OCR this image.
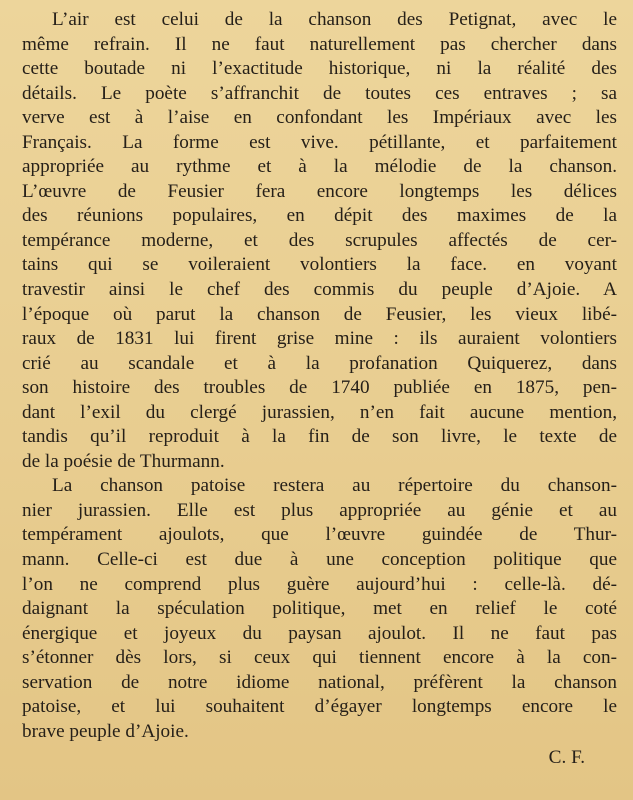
L’air est celui de la chanson des Petignat, avec le
même refrain. Il ne faut naturellement pas chercher dans
cette boutade ni l’exactitude historique, ni la réalité des
détails. Le poète s’affranchit de toutes ces entraves ; sa
verve est à l’aise en confondant les Impériaux avec les
Français. La forme est vive. pétillante, et parfaitement
appropriée au rythme et à la mélodie de la chanson.
L’œuvre de Feusier fera encore longtemps les délices
des réunions populaires, en dépit des maximes de la
tempérance moderne, et des scrupules affectés de cer-
tains qui se voileraient volontiers la face. en voyant
travestir ainsi le chef des commis du peuple d’Ajoie. A
l’époque où parut la chanson de Feusier, les vieux libé-
raux de 1831 lui firent grise mine : ils auraient volontiers
crié au scandale et à la profanation Quiquerez, dans
son histoire des troubles de 1740 publiée en 1875, pen-
dant l’exil du clergé jurassien, n’en fait aucune mention,
tandis qu’il reproduit à la fin de son livre, le texte de
de la poésie de Thurmann.
La chanson patoise restera au répertoire du chanson-
nier jurassien. Elle est plus appropriée au génie et au
tempérament ajoulots, que l’œuvre guindée de Thur-
mann. Celle-ci est due à une conception politique que
l’on ne comprend plus guère aujourd’hui : celle-là. dé-
daignant la spéculation politique, met en relief le coté
énergique et joyeux du paysan ajoulot. Il ne faut pas
s’étonner dès lors, si ceux qui tiennent encore à la con-
servation de notre idiome national, préfèrent la chanson
patoise, et lui souhaitent d’égayer longtemps encore le
brave peuple d’Ajoie.
C. F.
